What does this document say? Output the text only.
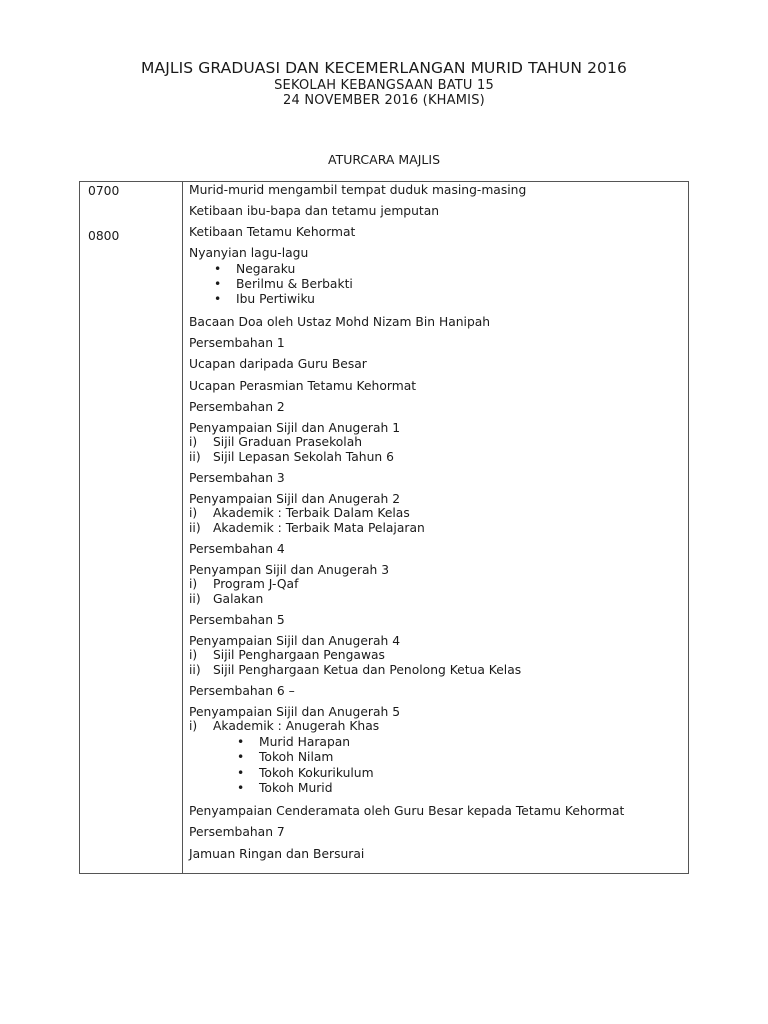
MAJLIS GRADUASI DAN KECEMERLANGAN MURID TAHUN 2016
SEKOLAH KEBANGSAAN BATU 15
24 NOVEMBER 2016 (KHAMIS)
ATURCARA MAJLIS
0700
0800
Murid-murid mengambil tempat duduk masing-masing
Ketibaan ibu-bapa dan tetamu jemputan
Ketibaan Tetamu Kehormat
Nyanyian lagu-lagu
• Negaraku
• Berilmu & Berbakti
• Ibu Pertiwiku
Bacaan Doa oleh Ustaz Mohd Nizam Bin Hanipah
Persembahan 1
Ucapan daripada Guru Besar
Ucapan Perasmian Tetamu Kehormat
Persembahan 2
Penyampaian Sijil dan Anugerah 1
i) Sijil Graduan Prasekolah
ii) Sijil Lepasan Sekolah Tahun 6
Persembahan 3
Penyampaian Sijil dan Anugerah 2
i) Akademik : Terbaik Dalam Kelas
ii) Akademik : Terbaik Mata Pelajaran
Persembahan 4
Penyampan Sijil dan Anugerah 3
i) Program J-Qaf
ii) Galakan
Persembahan 5
Penyampaian Sijil dan Anugerah 4
i) Sijil Penghargaan Pengawas
ii) Sijil Penghargaan Ketua dan Penolong Ketua Kelas
Persembahan 6 –
Penyampaian Sijil dan Anugerah 5
i) Akademik : Anugerah Khas
• Murid Harapan
• Tokoh Nilam
• Tokoh Kokurikulum
• Tokoh Murid
Penyampaian Cenderamata oleh Guru Besar kepada Tetamu Kehormat
Persembahan 7
Jamuan Ringan dan Bersurai
